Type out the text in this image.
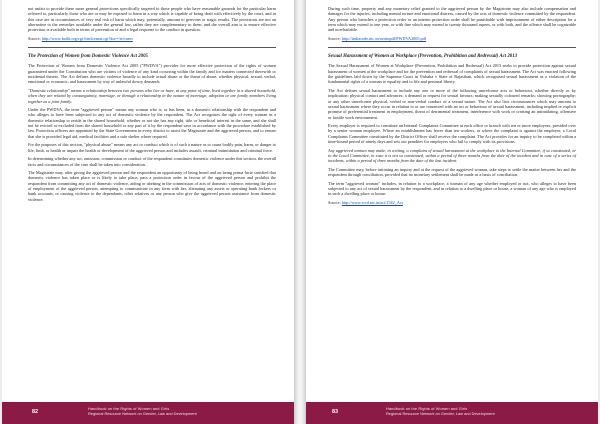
not unfair to provide these more general protections specifically targeted to those people who have reasonable grounds for the particular harm referred to, particularly those who are or may be exposed to harm in a way which is capable of being dealt with effectively by the court, and in this case are in circumstances of very real risk of harm which may, potentially, amount to grievous or tragic results. The provisions are not an alternative to the remedies available under the general law, rather they are complementary to them, and the overall aim is to ensure effective protection is available both in terms of prevention of and a legal response to the conduct in question.

Source: http://www.bailii.org/cgi-bin/format.cgi?doc=/ie/cases
The Protection of Women from Domestic Violence Act 2005

The Protection of Women from Domestic Violence Act 2005 ("PWDVA") provides for more effective protection of the rights of women guaranteed under the Constitution who are victims of violence of any kind occurring within the family and for matters connected therewith or incidental thereto. The Act defines domestic violence broadly to include actual abuse or the threat of abuse, whether physical, sexual, verbal, emotional or economic, and harassment by way of unlawful dowry demands.

"Domestic relationship" means a relationship between two persons who live or have, at any point of time, lived together in a shared household, when they are related by consanguinity, marriage, or through a relationship in the nature of marriage, adoption or are family members living together as a joint family.

Under the PWDVA, the term "aggrieved person" means any woman who is, or has been, in a domestic relationship with the respondent and who alleges to have been subjected to any act of domestic violence by the respondent. The Act recognises the right of every woman in a domestic relationship to reside in the shared household, whether or not she has any right, title or beneficial interest in the same, and she shall not be evicted or excluded from the shared household or any part of it by the respondent save in accordance with the procedure established by law. Protection officers are appointed by the State Government in every district to assist the Magistrate and the aggrieved person, and to ensure that she is provided legal aid, medical facilities and a safe shelter where required.

For the purposes of this section, "physical abuse" means any act or conduct which is of such a nature as to cause bodily pain, harm, or danger to life, limb, or health or impair the health or development of the aggrieved person and includes assault, criminal intimidation and criminal force.

In determining whether any act, omission, commission or conduct of the respondent constitutes domestic violence under this section, the overall facts and circumstances of the case shall be taken into consideration.

The Magistrate may, after giving the aggrieved person and the respondent an opportunity of being heard and on being prima facie satisfied that domestic violence has taken place or is likely to take place, pass a protection order in favour of the aggrieved person and prohibit the respondent from committing any act of domestic violence, aiding or abetting in the commission of acts of domestic violence, entering the place of employment of the aggrieved person, attempting to communicate in any form with her, alienating any assets or operating bank lockers or bank accounts, or causing violence to the dependants, other relatives or any person who give the aggrieved person assistance from domestic violence.

82
Handbook on the Rights of Women and Girls
Regional Resource Network on Gender, Law and Development

During such time, property and any monetary relief granted to the aggrieved person by the Magistrate may also include compensation and damages for the injuries, including mental torture and emotional distress, caused by the acts of domestic violence committed by the respondent. Any person who breaches a protection order or an interim protection order shall be punishable with imprisonment of either description for a term which may extend to one year, or with fine which may extend to twenty thousand rupees, or with both, and the offence shall be cognizable and non-bailable.

Source: http://indiacode.nic.in/actsinpdf/PWDVA2005.pdf
Sexual Harassment of Women at Workplace (Prevention, Prohibition and Redressal) Act 2013

The Sexual Harassment of Women at Workplace (Prevention, Prohibition and Redressal) Act 2013 seeks to provide protection against sexual harassment of women at the workplace and for the prevention and redressal of complaints of sexual harassment. The Act was enacted following the guidelines laid down by the Supreme Court in Vishaka v State of Rajasthan, which recognised sexual harassment as a violation of the fundamental rights of a woman to equality and to life and personal liberty.

The Act defines sexual harassment to include any one or more of the following unwelcome acts or behaviour, whether directly or by implication: physical contact and advances; a demand or request for sexual favours; making sexually coloured remarks; showing pornography; or any other unwelcome physical, verbal or non-verbal conduct of a sexual nature. The Act also lists circumstances which may amount to sexual harassment where they occur in relation to or are connected with an act or behaviour of sexual harassment, including implied or explicit promise of preferential treatment in employment, threat of detrimental treatment, interference with work or creating an intimidating, offensive or hostile work environment.

Every employer is required to constitute an Internal Complaints Committee at each office or branch with ten or more employees, presided over by a senior woman employee. Where an establishment has fewer than ten workers, or where the complaint is against the employer, a Local Complaints Committee constituted by the District Officer shall receive the complaint. The Act provides for an inquiry to be completed within a time-bound period of ninety days and sets out penalties for employers who fail to comply with its provisions.

Any aggrieved woman may make, in writing, a complaint of sexual harassment at the workplace to the Internal Committee, if so constituted, or to the Local Committee, in case it is not so constituted, within a period of three months from the date of the incident and in case of a series of incidents, within a period of three months from the date of the last incident.

The Committee may, before initiating an inquiry and at the request of the aggrieved woman, take steps to settle the matter between her and the respondent through conciliation, provided that no monetary settlement shall be made as a basis of conciliation.

The term "aggrieved woman" includes, in relation to a workplace, a woman of any age whether employed or not, who alleges to have been subjected to any act of sexual harassment by the respondent, and in relation to a dwelling place or house, a woman of any age who is employed in such a dwelling place or house.

Source: http://www.wcd.nic.in/act/1542_Act
83
Handbook on the Rights of Women and Girls
Regional Resource Network on Gender, Law and Development
